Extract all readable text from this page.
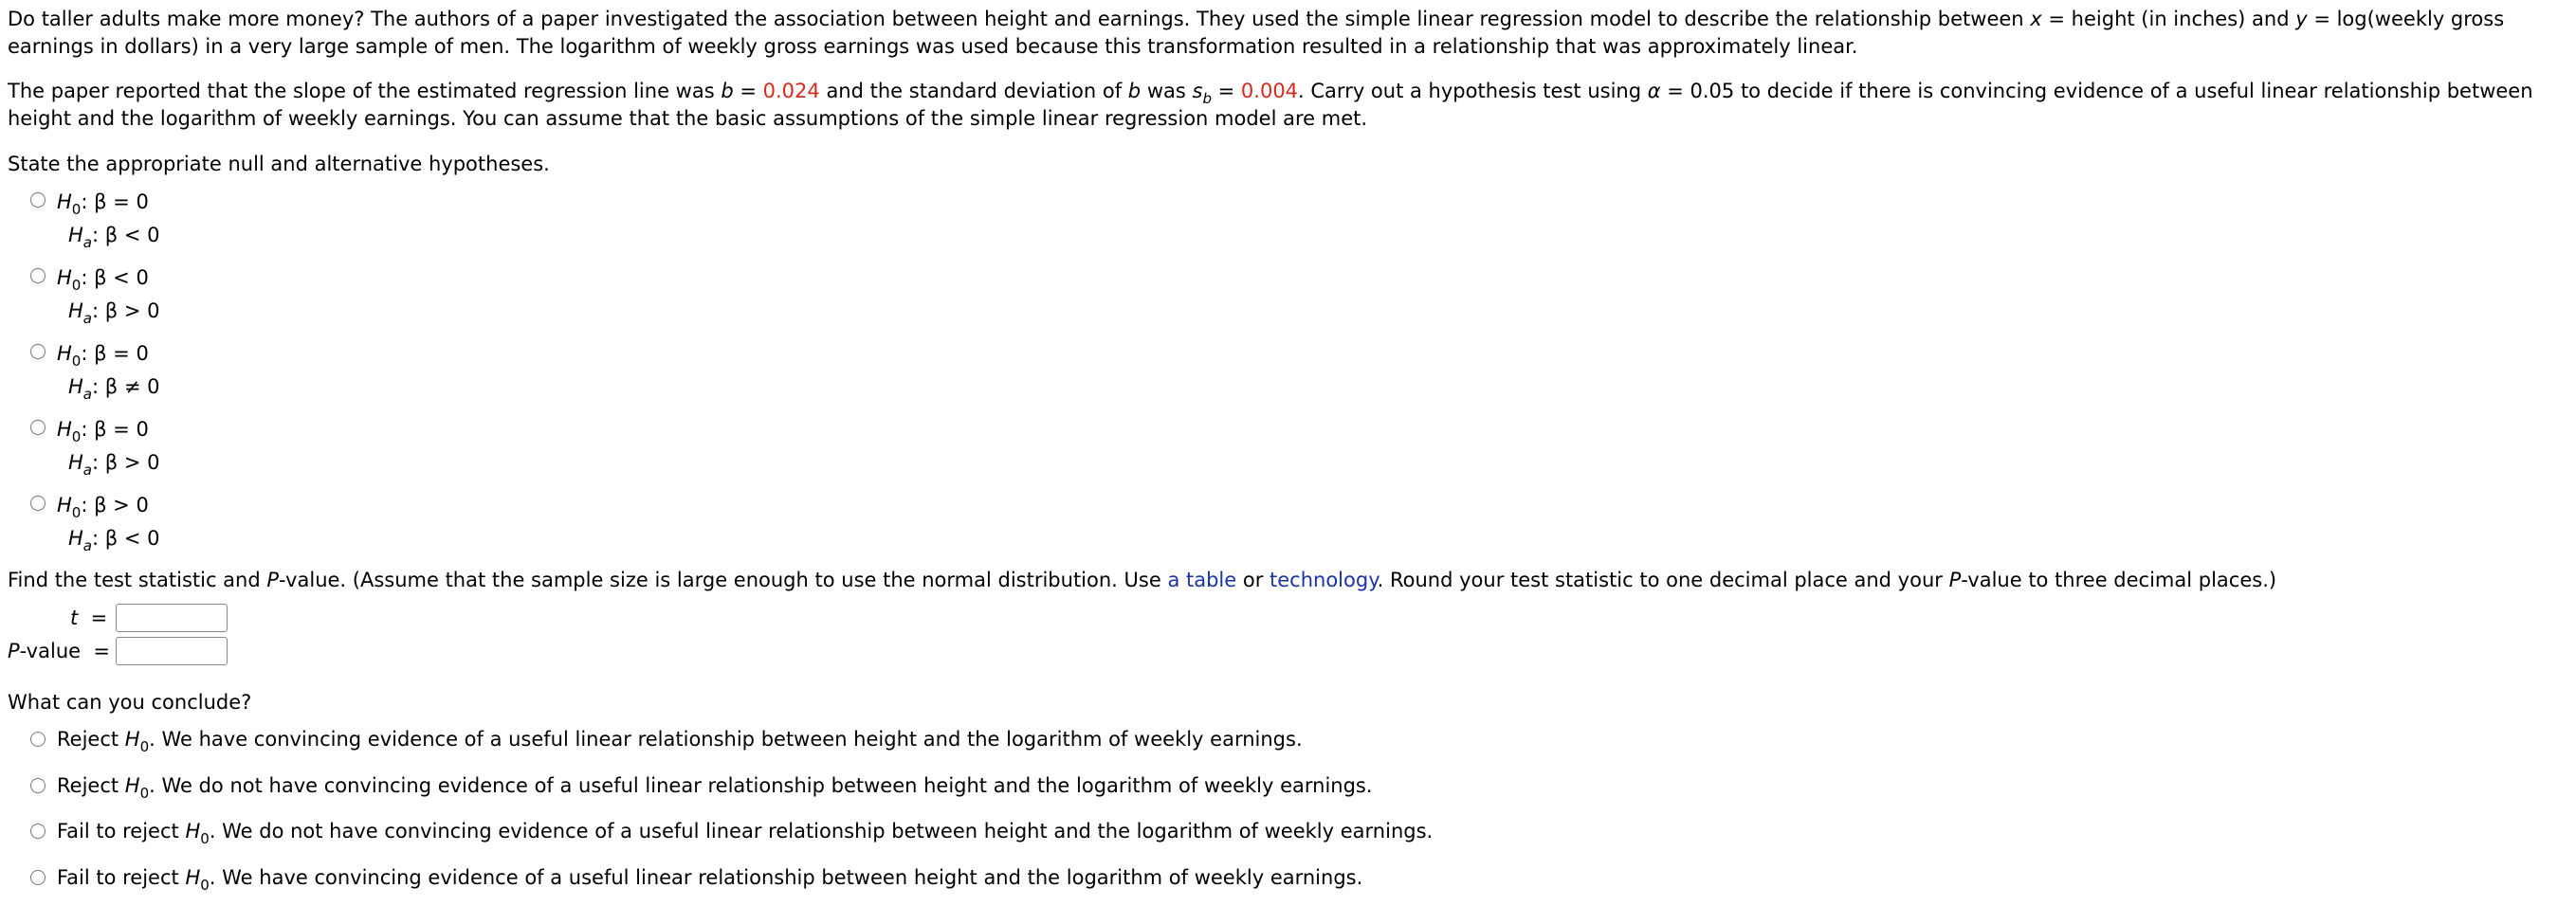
Do taller adults make more money? The authors of a paper investigated the association between height and earnings. They used the simple linear regression model to describe the relationship between x = height (in inches) and y = log(weekly gross earnings in dollars) in a very large sample of men. The logarithm of weekly gross earnings was used because this transformation resulted in a relationship that was approximately linear.

The paper reported that the slope of the estimated regression line was b = 0.024 and the standard deviation of b was $s_b = 0.004$. Carry out a hypothesis test using α = 0.05 to decide if there is convincing evidence of a useful linear relationship between height and the logarithm of weekly earnings. You can assume that the basic assumptions of the simple linear regression model are met.

State the appropriate null and alternative hypotheses.

$H_0$: β = 0
$H_a$: β < 0
$H_0$: β < 0
$H_a$: β > 0
$H_0$: β = 0
$H_a$: β ≠ 0
$H_0$: β = 0
$H_a$: β > 0
$H_0$: β > 0
$H_a$: β < 0

Find the test statistic and P-value. (Assume that the sample size is large enough to use the normal distribution. Use a table or technology. Round your test statistic to one decimal place and your P-value to three decimal places.)

t =
P-value =

What can you conclude?

Reject $H_0$. We have convincing evidence of a useful linear relationship between height and the logarithm of weekly earnings.
Reject $H_0$. We do not have convincing evidence of a useful linear relationship between height and the logarithm of weekly earnings.
Fail to reject $H_0$. We do not have convincing evidence of a useful linear relationship between height and the logarithm of weekly earnings.
Fail to reject $H_0$. We have convincing evidence of a useful linear relationship between height and the logarithm of weekly earnings.
